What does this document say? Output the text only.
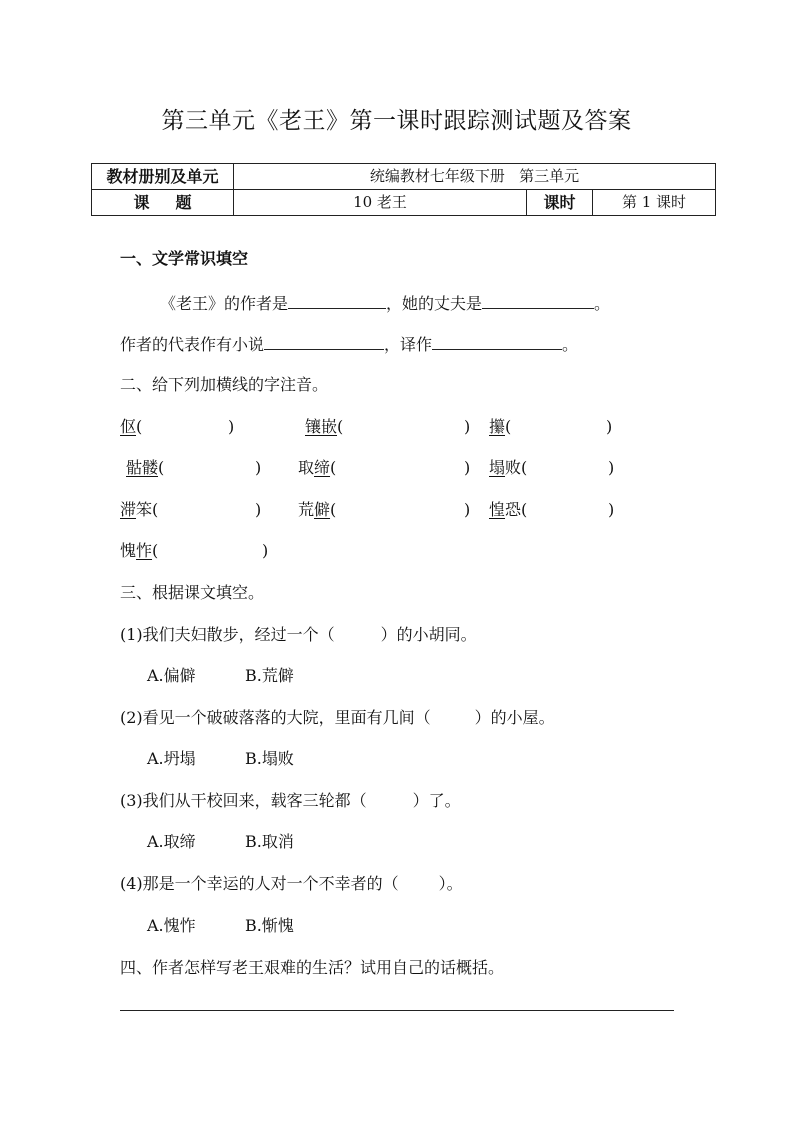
第三单元《老王》第一课时跟踪测试题及答案
教材册别及单元	统编教材七年级下册   第三单元		
课题	10 老王	课时	第 1 课时
一、文学常识填空
《老王》的作者是	，她的丈夫是	。
作者的代表作有小说	，译作	。
二、给下列加横线的字注音。
伛(	)	镶嵌(	) 攥(	)
骷髅(	) 取缔(	) 塌败(	)
滞笨(	) 荒僻(	) 惶恐(	)
愧怍(	)
三、根据课文填空。
(1)我们夫妇散步，经过一个（	）的小胡同。
A.偏僻	B.荒僻
(2)看见一个破破落落的大院，里面有几间（	）的小屋。
A.坍塌	B.塌败
(3)我们从干校回来，载客三轮都（	）了。
A.取缔	B.取消
(4)那是一个幸运的人对一个不幸者的（	）。
A.愧怍	B.惭愧
四、作者怎样写老王艰难的生活？试用自己的话概括。
